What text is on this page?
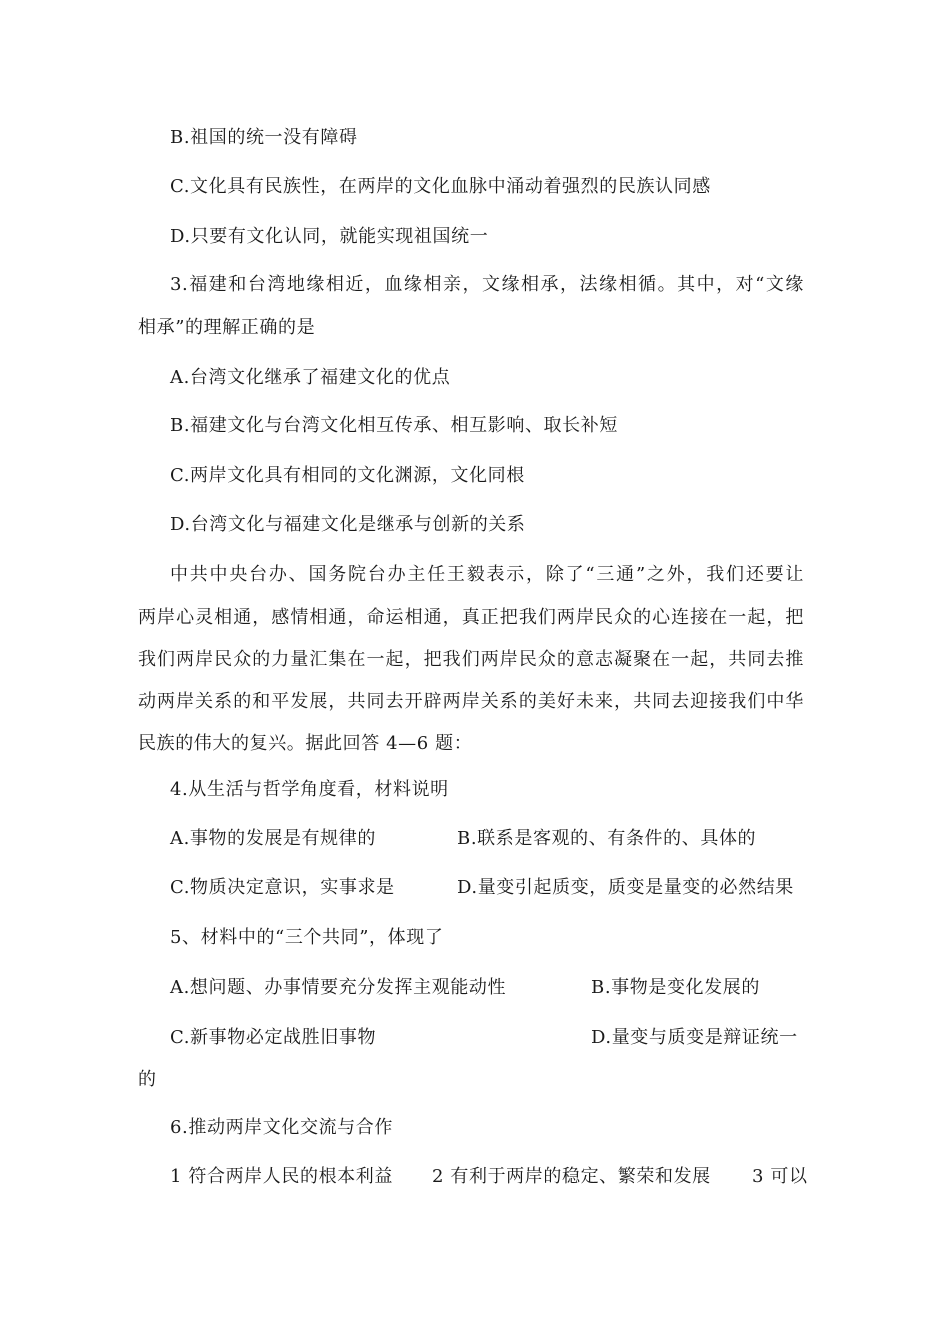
B.祖国的统一没有障碍
C.文化具有民族性，在两岸的文化血脉中涌动着强烈的民族认同感
D.只要有文化认同，就能实现祖国统一
3.福建和台湾地缘相近，血缘相亲，文缘相承，法缘相循。其中，对“文缘
相承”的理解正确的是
A.台湾文化继承了福建文化的优点
B.福建文化与台湾文化相互传承、相互影响、取长补短
C.两岸文化具有相同的文化渊源，文化同根
D.台湾文化与福建文化是继承与创新的关系
中共中央台办、国务院台办主任王毅表示，除了“三通”之外，我们还要让
两岸心灵相通，感情相通，命运相通，真正把我们两岸民众的心连接在一起，把
我们两岸民众的力量汇集在一起，把我们两岸民众的意志凝聚在一起，共同去推
动两岸关系的和平发展，共同去开辟两岸关系的美好未来，共同去迎接我们中华
民族的伟大的复兴。据此回答 4—6 题：
4.从生活与哲学角度看，材料说明
A.事物的发展是有规律的	B.联系是客观的、有条件的、具体的
C.物质决定意识，实事求是	D.量变引起质变，质变是量变的必然结果
5、材料中的“三个共同”，体现了
A.想问题、办事情要充分发挥主观能动性	B.事物是变化发展的
C.新事物必定战胜旧事物	D.量变与质变是辩证统一
的
6.推动两岸文化交流与合作
1 符合两岸人民的根本利益 2 有利于两岸的稳定、繁荣和发展 3 可以
